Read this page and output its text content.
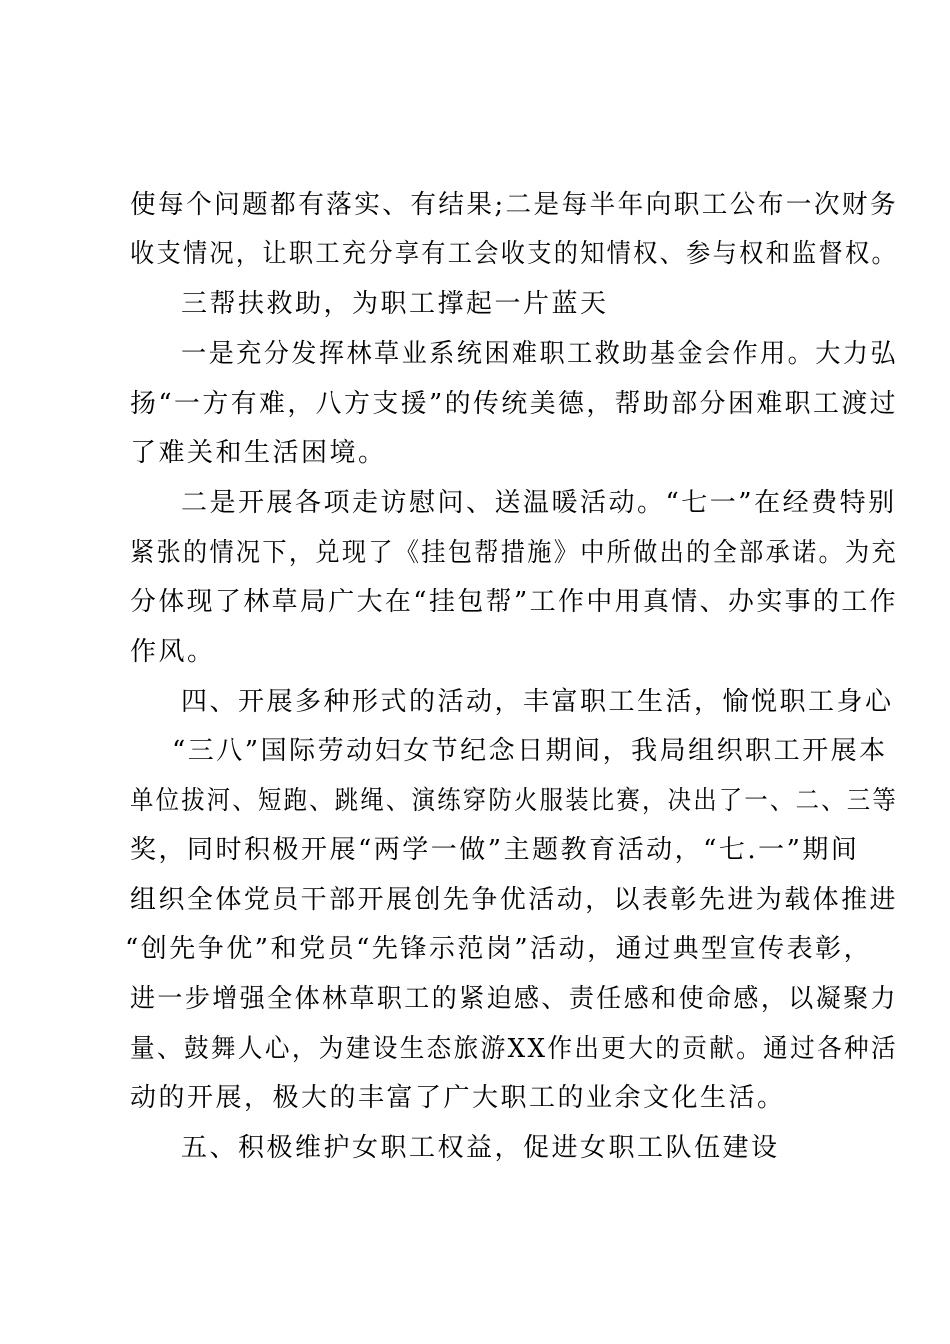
使每个问题都有落实、有结果;二是每半年向职工公布一次财务
收支情况，让职工充分享有工会收支的知情权、参与权和监督权。
三帮扶救助，为职工撑起一片蓝天
一是充分发挥林草业系统困难职工救助基金会作用。大力弘
扬“一方有难，八方支援”的传统美德，帮助部分困难职工渡过
了难关和生活困境。
二是开展各项走访慰问、送温暖活动。“七一”在经费特别
紧张的情况下，兑现了《挂包帮措施》中所做出的全部承诺。为充
分体现了林草局广大在“挂包帮”工作中用真情、办实事的工作
作风。
四、开展多种形式的活动，丰富职工生活，愉悦职工身心
“三八”国际劳动妇女节纪念日期间，我局组织职工开展本
单位拔河、短跑、跳绳、演练穿防火服装比赛，决出了一、二、三等
奖，同时积极开展“两学一做”主题教育活动，“七.一”期间
组织全体党员干部开展创先争优活动，以表彰先进为载体推进
“创先争优”和党员“先锋示范岗”活动，通过典型宣传表彰，
进一步增强全体林草职工的紧迫感、责任感和使命感，以凝聚力
量、鼓舞人心，为建设生态旅游XX作出更大的贡献。通过各种活
动的开展，极大的丰富了广大职工的业余文化生活。
五、积极维护女职工权益，促进女职工队伍建设
